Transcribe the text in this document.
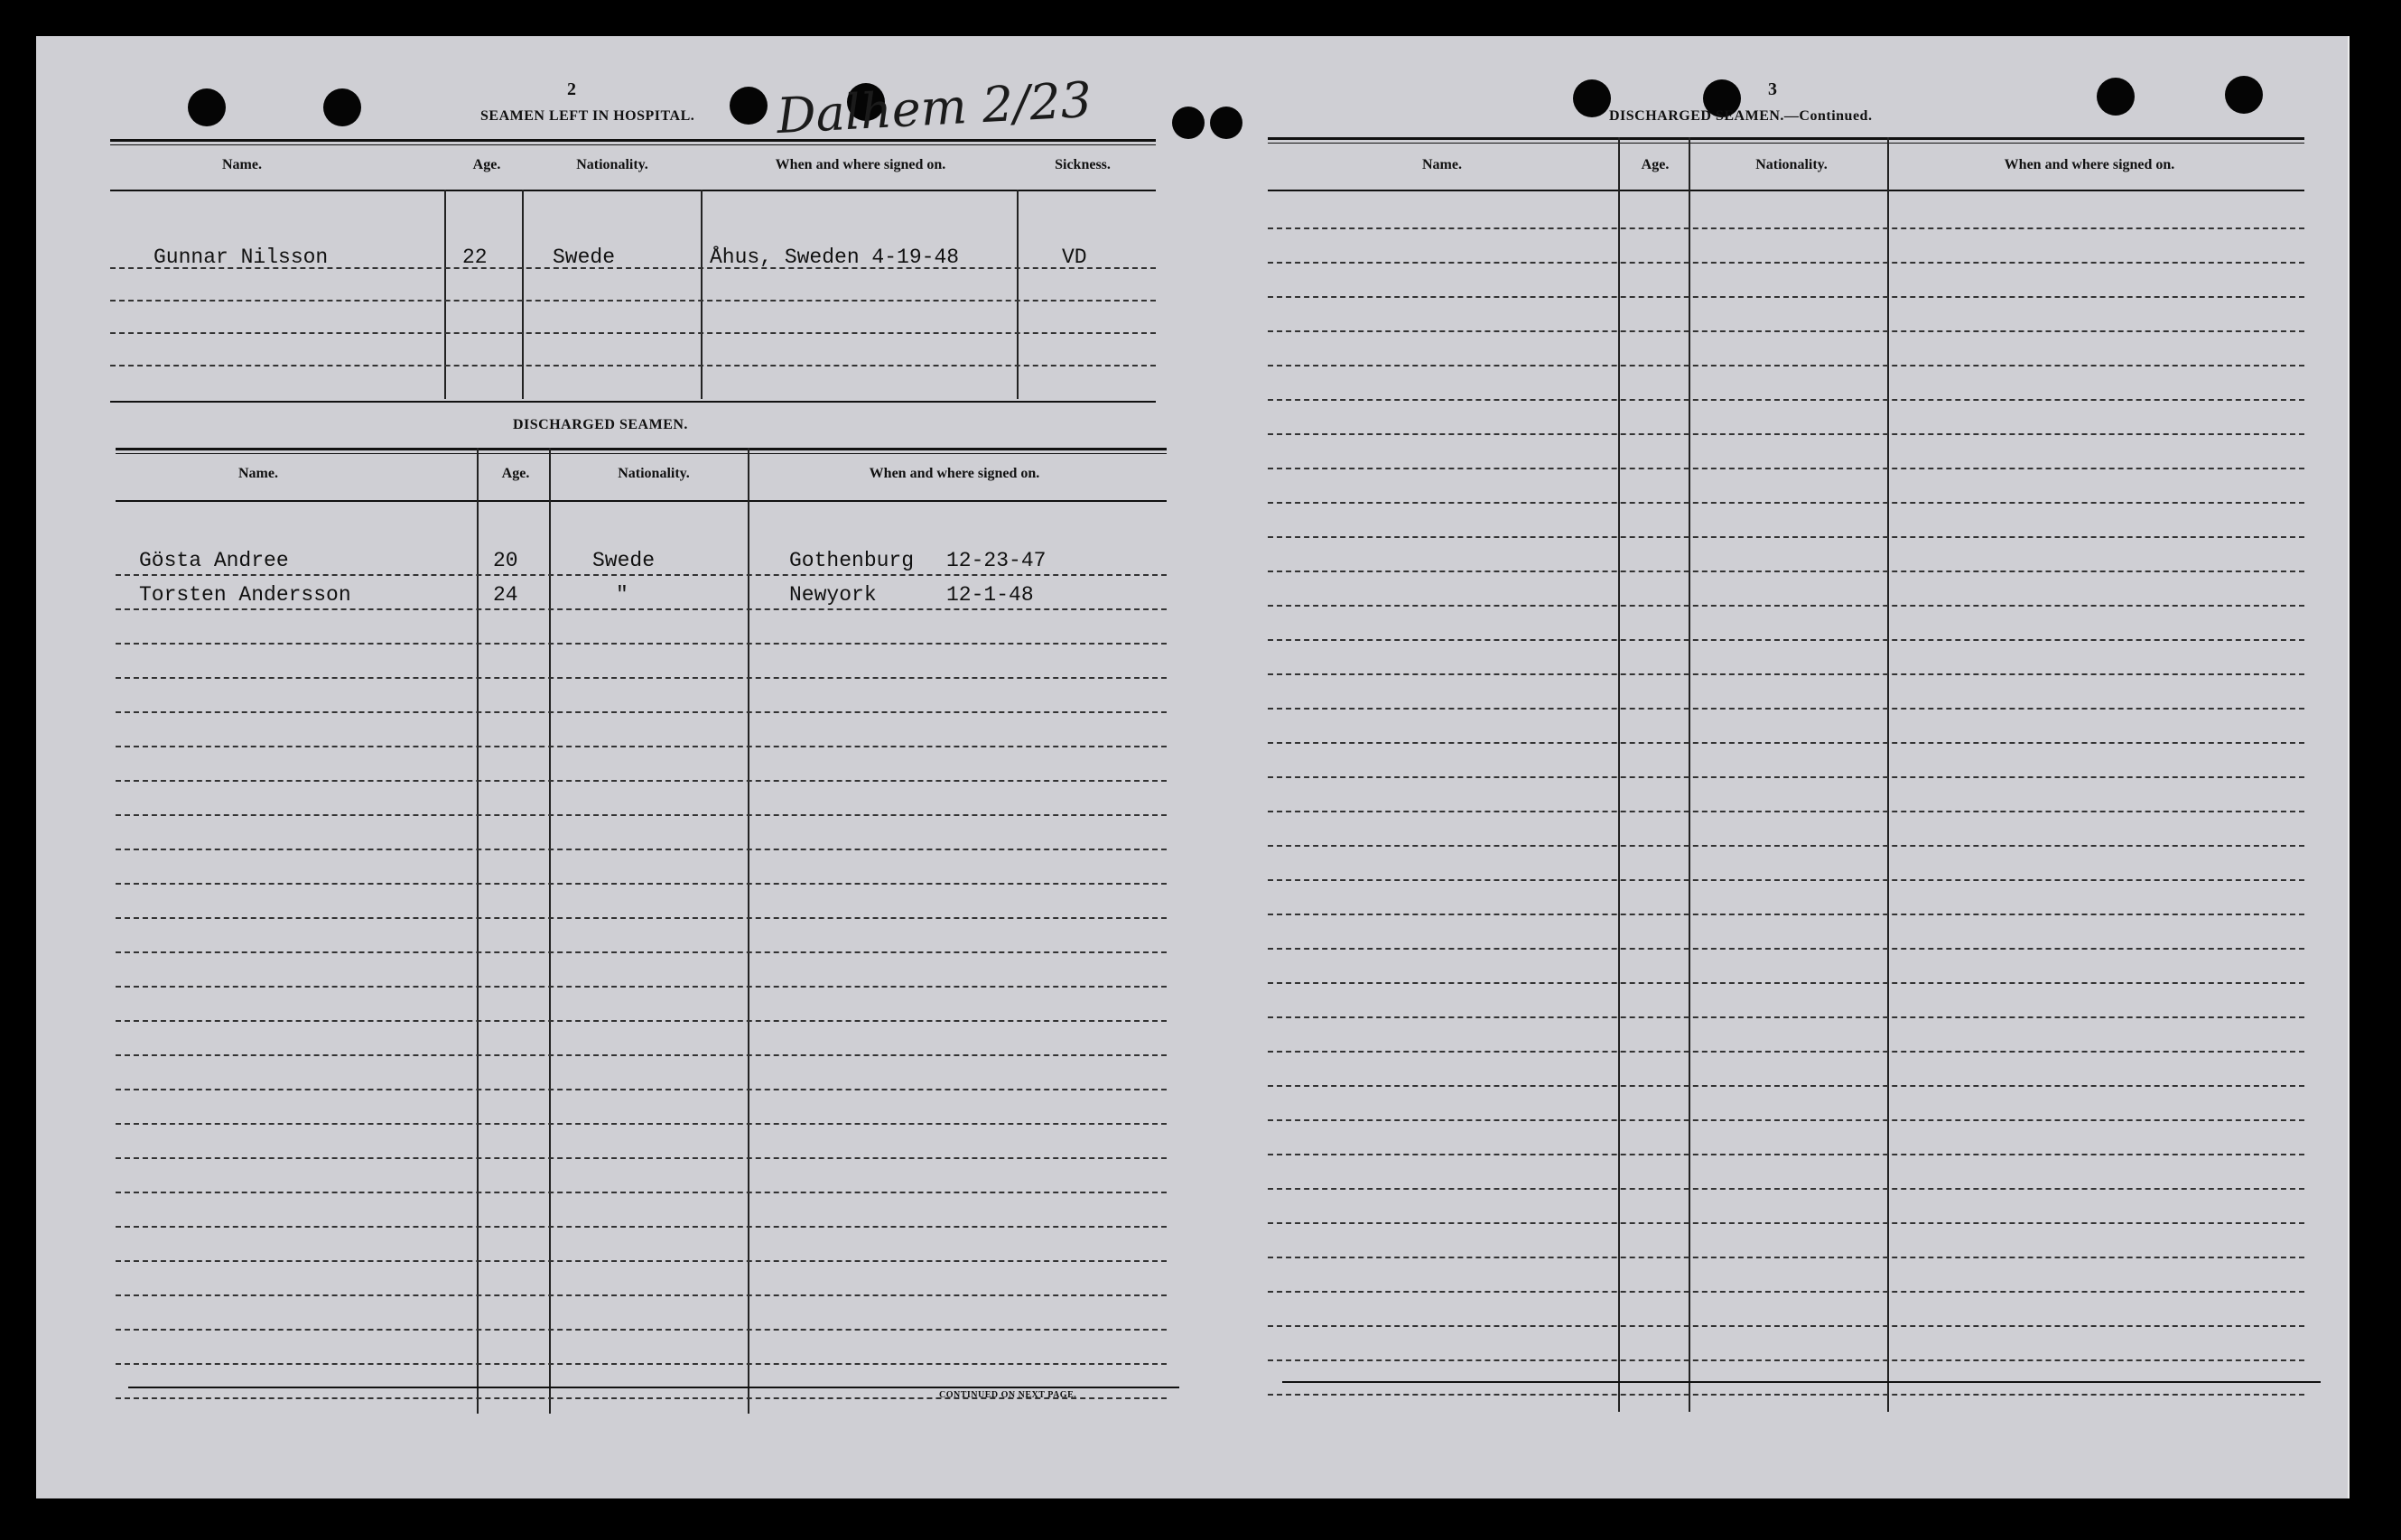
Dalhem 2/23
2
SEAMEN LEFT IN HOSPITAL.
Name.	Age.	Nationality.	When and where signed on.	Sickness.
Gunnar Nilsson	22	Swede	Åhus, Sweden 4-19-48	VD
DISCHARGED SEAMEN.
Name.	Age.	Nationality.	When and where signed on.
Gösta Andree	20	Swede	Gothenburg 12-23-47
Torsten Andersson	24	"	Newyork	12-1-48
CONTINUED ON NEXT PAGE.
3
DISCHARGED SEAMEN.—Continued.
Name.	Age.	Nationality.	When and where signed on.
